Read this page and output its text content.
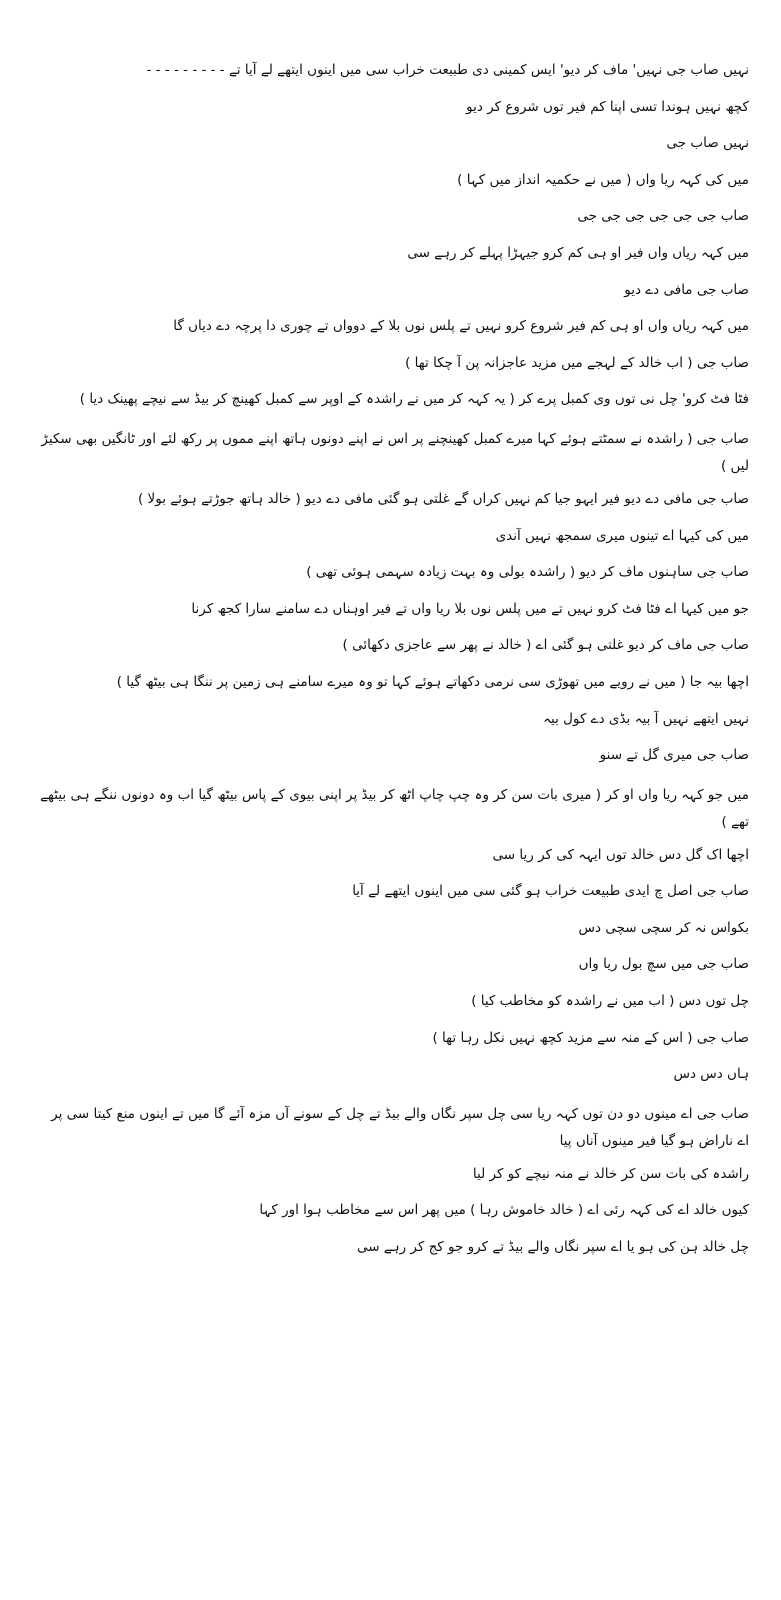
نہیں صاب جی نہیں' ماف کر دیو' ایس کمینی دی طبیعت خراب سی میں اینوں ایتھے لے آیا تے - - - - - - - - -

کچھ نہیں ہوندا تسی اپنا کم فیر توں شروع کر دیو

نہیں صاب جی

میں کی کہہ ریا واں ( میں نے حکمیہ انداز میں کہا )

صاب جی جی جی جی جی جی

میں کہہ ریاں واں فیر او ہی کم کرو جیہڑا پہلے کر رہے سی

صاب جی مافی دے دیو

میں کہہ ریاں واں او ہی کم فیر شروع کرو نہیں تے پلس نوں بلا کے دوواں تے چوری دا پرچہ دے دیاں گا

صاب جی ( اب خالد کے لہجے میں مزید عاجزانہ پن آ چکا تھا )

فٹا فٹ کرو' چل نی توں وی کمبل پرے کر ( یہ کہہ کر میں نے راشدہ کے اوپر سے کمبل کھینچ کر بیڈ سے نیچے پھینک دیا )

صاب جی ( راشدہ نے سمٹتے ہوئے کہا میرے کمبل کھینچنے پر اس نے اپنے دونوں ہاتھ اپنے مموں پر رکھ لئے اور ٹانگیں بھی سکیڑ لیں )

صاب جی مافی دے دیو فیر ایہو جیا کم نہیں کراں گے غلتی ہو گئی مافی دے دیو ( خالد ہاتھ جوڑتے ہوئے بولا )

میں کی کیہا اے تینوں میری سمجھ نہیں آندی

صاب جی ساہنوں ماف کر دیو ( راشدہ بولی وہ بہت زیادہ سہمی ہوئی تھی )

جو میں کیہا اے فٹا فٹ کرو نہیں تے میں پلس نوں بلا ریا واں تے فیر اوہناں دے سامنے سارا کجھ کرنا

صاب جی ماف کر دیو غلتی ہو گئی اے ( خالد نے پھر سے عاجزی دکھائی )

اچھا بیہ جا ( میں نے رویے میں تھوڑی سی نرمی دکھاتے ہوئے کہا تو وہ میرے سامنے ہی زمین پر ننگا ہی بیٹھ گیا )

نہیں ایتھے نہیں آ بیہ بڈی دے کول بیہ

صاب جی میری گل تے سنو

میں جو کہہ ریا واں او کر ( میری بات سن کر وہ چپ چاپ اٹھ کر بیڈ پر اپنی بیوی کے پاس بیٹھ گیا اب وہ دونوں ننگے ہی بیٹھے تھے )

اچھا اک گل دس خالد توں ایہہ کی کر ریا سی

صاب جی اصل چ ایدی طبیعت خراب ہو گئی سی میں اینوں ایتھے لے آیا

بکواس نہ کر سچی سچی دس

صاب جی میں سچ بول ریا واں

چل توں دس ( اب میں نے راشدہ کو مخاطب کیا )

صاب جی ( اس کے منہ سے مزید کچھ نہیں نکل رہا تھا )

ہاں دس دس

صاب جی اے مینوں دو دن توں کہہ ریا سی چل سپر نگاں والے بیڈ تے چل کے سونے آں مزہ آئے گا میں تے اینوں منع کیتا سی پر اے ناراض ہو گیا فیر مینوں آناں پیا

راشدہ کی بات سن کر خالد نے منہ نیچے کو کر لیا

کیوں خالد اے کی کہہ رئی اے ( خالد خاموش رہا ) میں پھر اس سے مخاطب ہوا اور کہا

چل خالد ہن کی ہو یا اے سپر نگاں والے بیڈ تے کرو جو کج کر رہے سی
